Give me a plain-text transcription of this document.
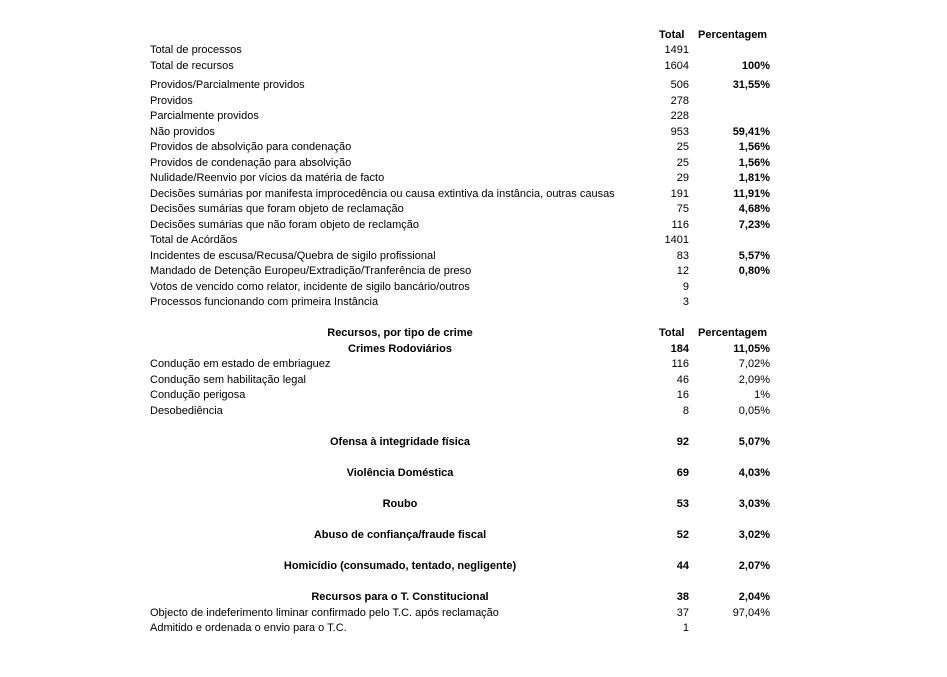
Total Percentagem
Total de processos	1491
Total de recursos	1604	100%
Providos/Parcialmente providos	506	31,55%
Providos	278
Parcialmente providos	228
Não providos	953	59,41%
Providos de absolvição para condenação	25	1,56%
Providos de condenação para absolvição	25	1,56%
Nulidade/Reenvio por vícios da matéria de facto	29	1,81%
Decisões sumárias por manifesta improcedência ou causa extintiva da instância, outras causas	191	11,91%
Decisões sumárias que foram objeto de reclamação	75	4,68%
Decisões sumárias que não foram objeto de reclamção	116	7,23%
Total de Acórdãos	1401
Incidentes de escusa/Recusa/Quebra de sigilo profissional	83	5,57%
Mandado de Detenção Europeu/Extradição/Tranferência de preso	12	0,80%
Votos de vencido como relator, incidente de sigilo bancário/outros	9
Processos funcionando com primeira Instância	3
Recursos, por tipo de crime	Total Percentagem
Crimes Rodoviários	184	11,05%
Condução em estado de embriaguez	116	7,02%
Condução sem habilitação legal	46	2,09%
Condução perigosa	16	1%
Desobediência	8	0,05%
Ofensa à integridade física	92	5,07%
Violência Doméstica	69	4,03%
Roubo	53	3,03%
Abuso de confiança/fraude fiscal	52	3,02%
Homicídio (consumado, tentado, negligente)	44	2,07%
Recursos para o T. Constitucional	38	2,04%
Objecto de indeferimento liminar confirmado pelo T.C. após reclamação	37	97,04%
Admitido e ordenada o envio para o T.C.	1
